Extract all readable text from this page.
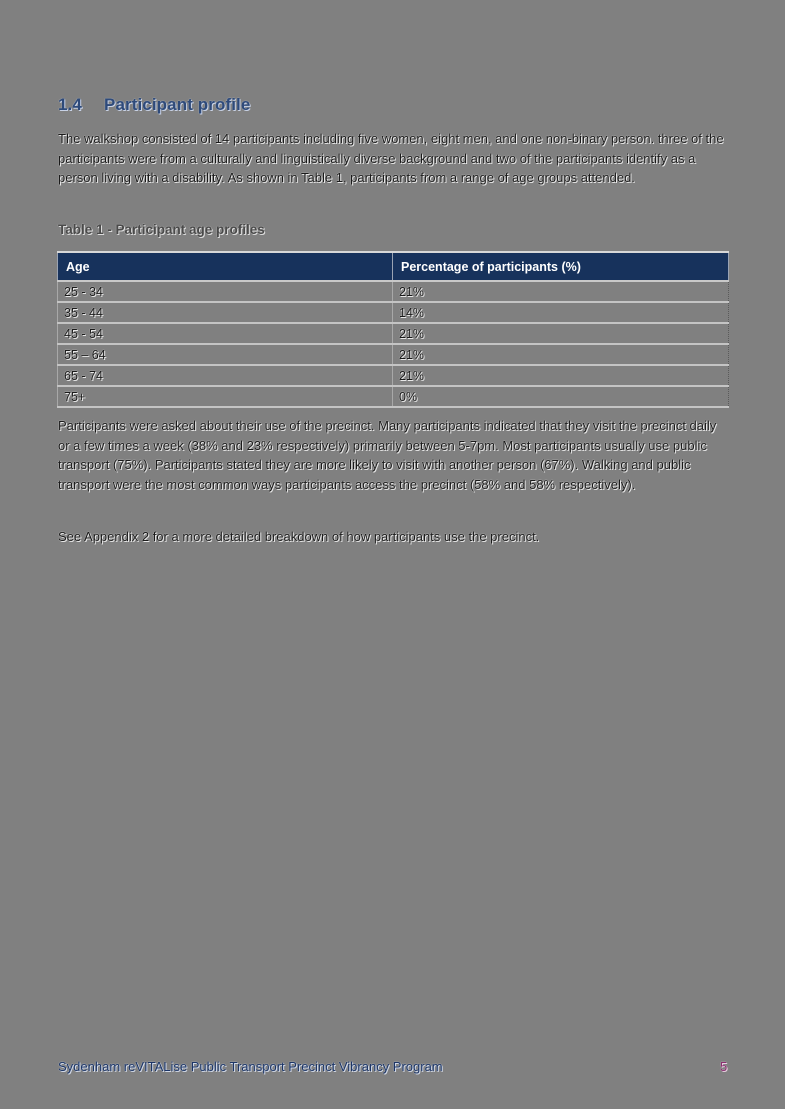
1.4 Participant profile

The walkshop consisted of 14 participants including five women, eight men, and one non-binary person. three of the participants were from a culturally and linguistically diverse background and two of the participants identify as a person living with a disability. As shown in Table 1, participants from a range of age groups attended.

Table 1 - Participant age profiles
Age	Percentage of participants (%)
25 - 34	21%
35 - 44	14%
45 - 54	21%
55 – 64	21%
65 - 74	21%
75+	0%

Participants were asked about their use of the precinct. Many participants indicated that they visit the precinct daily or a few times a week (38% and 23% respectively) primarily between 5-7pm. Most participants usually use public transport (75%). Participants stated they are more likely to visit with another person (67%). Walking and public transport were the most common ways participants access the precinct (58% and 58% respectively).

See Appendix 2 for a more detailed breakdown of how participants use the precinct.

Sydenham reVITALise Public Transport Precinct Vibrancy Program	5
